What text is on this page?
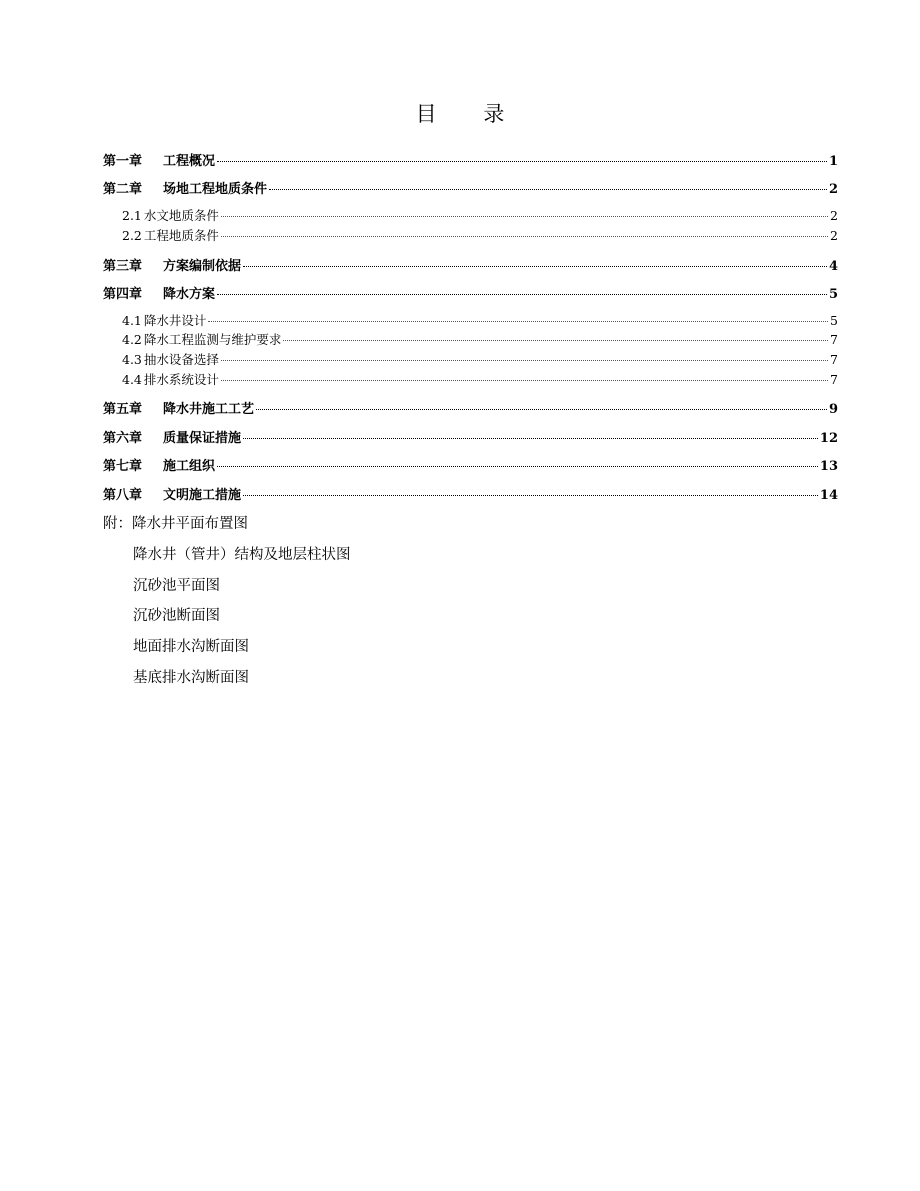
目 录
第一章	工程概况	1
第二章	场地工程地质条件	2
2.1 水文地质条件	2
2.2 工程地质条件	2
第三章	方案编制依据	4
第四章	降水方案	5
4.1 降水井设计	5
4.2 降水工程监测与维护要求	7
4.3 抽水设备选择	7
4.4 排水系统设计	7
第五章	降水井施工工艺	9
第六章	质量保证措施	12
第七章	施工组织	13
第八章	文明施工措施	14
附：降水井平面布置图
降水井（管井）结构及地层柱状图
沉砂池平面图
沉砂池断面图
地面排水沟断面图
基底排水沟断面图
